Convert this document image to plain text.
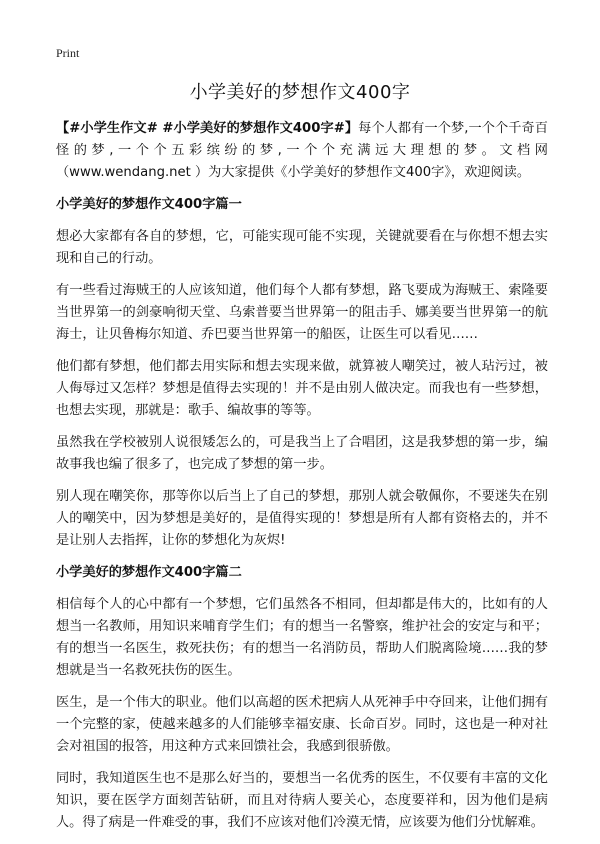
Print
小学美好的梦想作文400字

【#小学生作文# #小学美好的梦想作文400字#】每个人都有一个梦,一个个千奇百怪的梦,一个个五彩缤纷的梦,一个个充满远大理想的梦。文档网（www.wendang.net ）为大家提供《小学美好的梦想作文400字》，欢迎阅读。

小学美好的梦想作文400字篇一

想必大家都有各自的梦想，它，可能实现可能不实现，关键就要看在与你想不想去实现和自己的行动。

有一些看过海贼王的人应该知道，他们每个人都有梦想，路飞要成为海贼王、索隆要当世界第一的剑豪响彻天堂、乌索普要当世界第一的阻击手、娜美要当世界第一的航海士，让贝鲁梅尔知道、乔巴要当世界第一的船医，让医生可以看见……

他们都有梦想，他们都去用实际和想去实现来做，就算被人嘲笑过，被人玷污过，被人侮辱过又怎样？梦想是值得去实现的！并不是由别人做决定。而我也有一些梦想，也想去实现，那就是：歌手、编故事的等等。

虽然我在学校被别人说很矮怎么的，可是我当上了合唱团，这是我梦想的第一步，编故事我也编了很多了，也完成了梦想的第一步。

别人现在嘲笑你，那等你以后当上了自己的梦想，那别人就会敬佩你，不要迷失在别人的嘲笑中，因为梦想是美好的，是值得实现的！梦想是所有人都有资格去的，并不是让别人去指挥，让你的梦想化为灰烬!

小学美好的梦想作文400字篇二

相信每个人的心中都有一个梦想，它们虽然各不相同，但却都是伟大的，比如有的人想当一名教师，用知识来哺育学生们；有的想当一名警察，维护社会的安定与和平；有的想当一名医生，救死扶伤；有的想当一名消防员，帮助人们脱离险境……我的梦想就是当一名救死扶伤的医生。

医生，是一个伟大的职业。他们以高超的医术把病人从死神手中夺回来，让他们拥有一个完整的家，使越来越多的人们能够幸福安康、长命百岁。同时，这也是一种对社会对祖国的报答，用这种方式来回馈社会，我感到很骄傲。

同时，我知道医生也不是那么好当的，要想当一名优秀的医生，不仅要有丰富的文化知识，要在医学方面刻苦钻研，而且对待病人要关心，态度要祥和，因为他们是病人。得了病是一件难受的事，我们不应该对他们冷漠无情，应该要为他们分忧解难。
